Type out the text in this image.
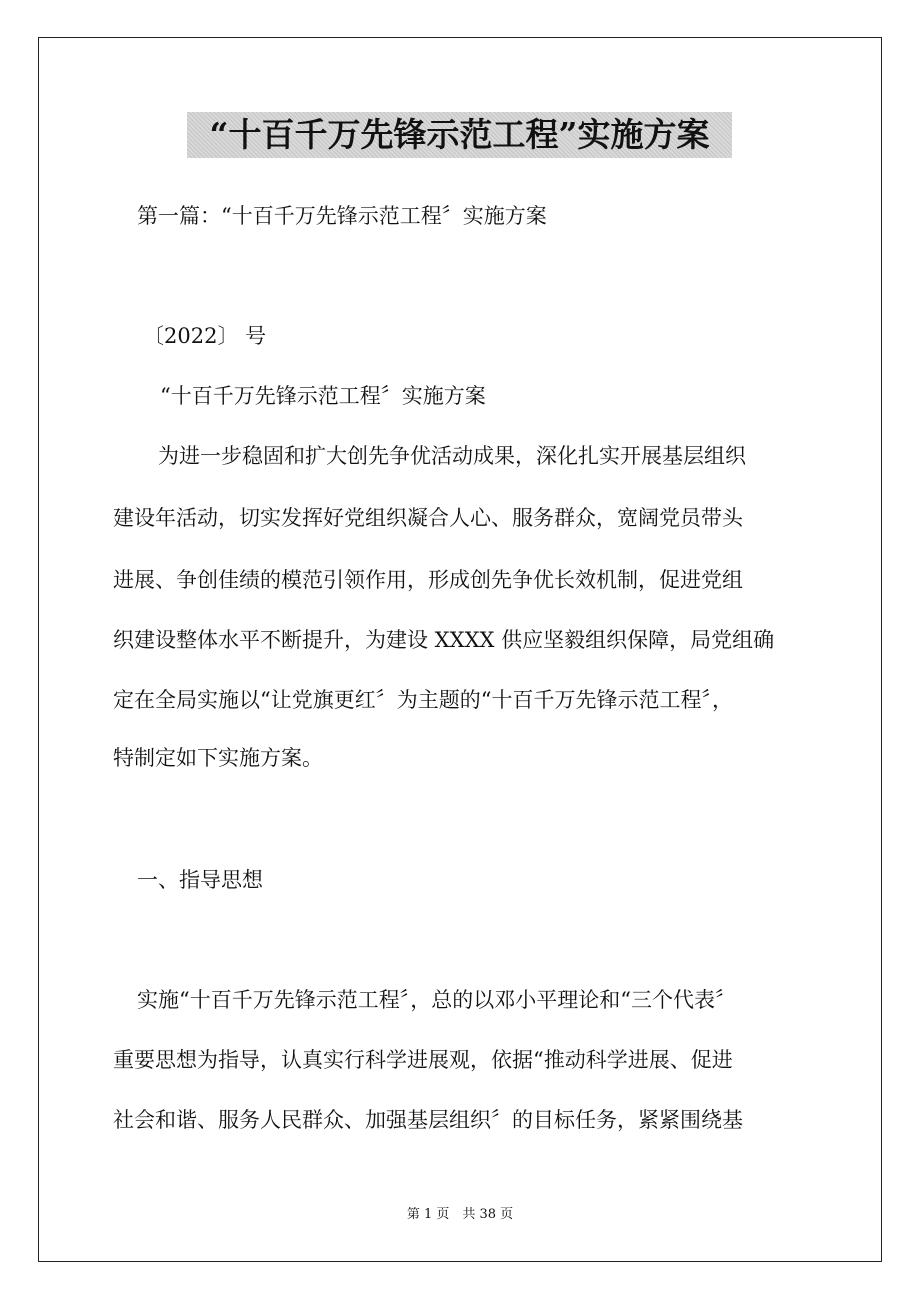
“十百千万先锋示范工程”实施方案
第一篇：“十百千万先锋示范工程〞实施方案
〔2022〕 号
“十百千万先锋示范工程〞实施方案
为进一步稳固和扩大创先争优活动成果，深化扎实开展基层组织
建设年活动，切实发挥好党组织凝合人心、服务群众，宽阔党员带头
进展、争创佳绩的模范引领作用，形成创先争优长效机制，促进党组
织建设整体水平不断提升，为建设 XXXX 供应坚毅组织保障，局党组确
定在全局实施以“让党旗更红〞为主题的“十百千万先锋示范工程〞，
特制定如下实施方案。
一、指导思想
实施“十百千万先锋示范工程〞，总的以邓小平理论和“三个代表〞
重要思想为指导，认真实行科学进展观，依据“推动科学进展、促进
社会和谐、服务人民群众、加强基层组织〞的目标任务，紧紧围绕基
第 1 页　共 38 页
